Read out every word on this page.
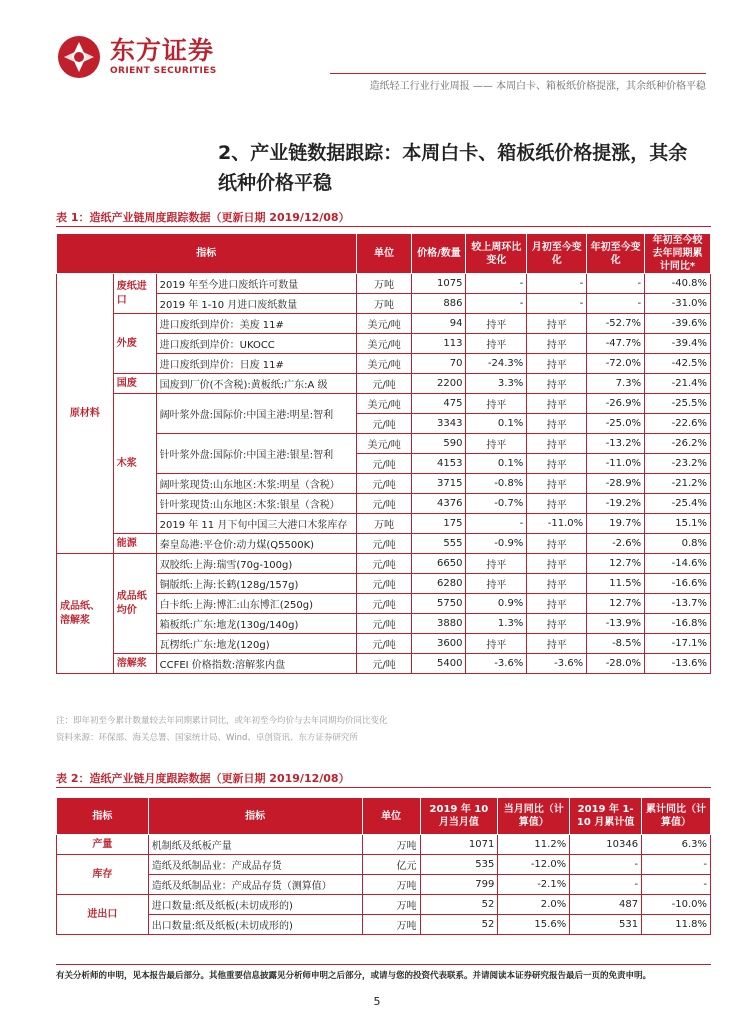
东方证券
ORIENT SECURITIES
造纸轻工行业行业周报 —— 本周白卡、箱板纸价格提涨，其余纸种价格平稳
2、产业链数据跟踪：本周白卡、箱板纸价格提涨，其余纸种价格平稳
表 1：造纸产业链周度跟踪数据（更新日期 2019/12/08）
指标			单位	价格/数量	较上周环比变化	月初至今变化	年初至今变化	年初至今较去年同期累计同比*
原材料	废纸进口	2019 年至今进口废纸许可数量	万吨	1075	-	-	-	-40.8%
		2019 年 1-10 月进口废纸数量	万吨	886	-	-	-	-31.0%
	外废	进口废纸到岸价：美废 11#	美元/吨	94	持平	持平	-52.7%	-39.6%
		进口废纸到岸价：UKOCC	美元/吨	113	持平	持平	-47.7%	-39.4%
		进口废纸到岸价：日废 11#	美元/吨	70	-24.3%	持平	-72.0%	-42.5%
	国废	国废到厂价(不含税):黄板纸:广东:A 级	元/吨	2200	3.3%	持平	7.3%	-21.4%
	木浆	阔叶浆外盘:国际价:中国主港:明星:智利	美元/吨	475	持平	持平	-26.9%	-25.5%
			元/吨	3343	0.1%	持平	-25.0%	-22.6%
		针叶浆外盘:国际价:中国主港:银星:智利	美元/吨	590	持平	持平	-13.2%	-26.2%
			元/吨	4153	0.1%	持平	-11.0%	-23.2%
		阔叶浆现货:山东地区:木浆:明星（含税）	元/吨	3715	-0.8%	持平	-28.9%	-21.2%
		针叶浆现货:山东地区:木浆:银星（含税）	元/吨	4376	-0.7%	持平	-19.2%	-25.4%
		2019 年 11 月下旬中国三大港口木浆库存	万吨	175	-	-11.0%	19.7%	15.1%
	能源	秦皇岛港:平仓价:动力煤(Q5500K)	元/吨	555	-0.9%	持平	-2.6%	0.8%
成品纸、溶解浆	成品纸均价	双胶纸:上海:瑞雪(70g-100g)	元/吨	6650	持平	持平	12.7%	-14.6%
		铜版纸:上海:长鹤(128g/157g)	元/吨	6280	持平	持平	11.5%	-16.6%
		白卡纸:上海:博汇:山东博汇(250g)	元/吨	5750	0.9%	持平	12.7%	-13.7%
		箱板纸:广东:地龙(130g/140g)	元/吨	3880	1.3%	持平	-13.9%	-16.8%
		瓦楞纸:广东:地龙(120g)	元/吨	3600	持平	持平	-8.5%	-17.1%
	溶解浆	CCFEI 价格指数:溶解浆内盘	元/吨	5400	-3.6%	-3.6%	-28.0%	-13.6%
注：即年初至今累计数量较去年同期累计同比，或年初至今均价与去年同期均价同比变化
资料来源：环保部、海关总署、国家统计局、Wind、卓创资讯、东方证券研究所
表 2：造纸产业链月度跟踪数据（更新日期 2019/12/08）
指标	指标	单位	2019 年 10 月当月值	当月同比（计算值）	2019 年 1-10 月累计值	累计同比（计算值）
产量	机制纸及纸板产量	万吨	1071	11.2%	10346	6.3%
库存	造纸及纸制品业：产成品存货	亿元	535	-12.0%	-	-
	造纸及纸制品业：产成品存货（测算值）	万吨	799	-2.1%	-	-
进出口	进口数量:纸及纸板(未切成形的)	万吨	52	2.0%	487	-10.0%
	出口数量:纸及纸板(未切成形的)	万吨	52	15.6%	531	11.8%
有关分析师的申明，见本报告最后部分。其他重要信息披露见分析师申明之后部分，或请与您的投资代表联系。并请阅读本证券研究报告最后一页的免责申明。
5
